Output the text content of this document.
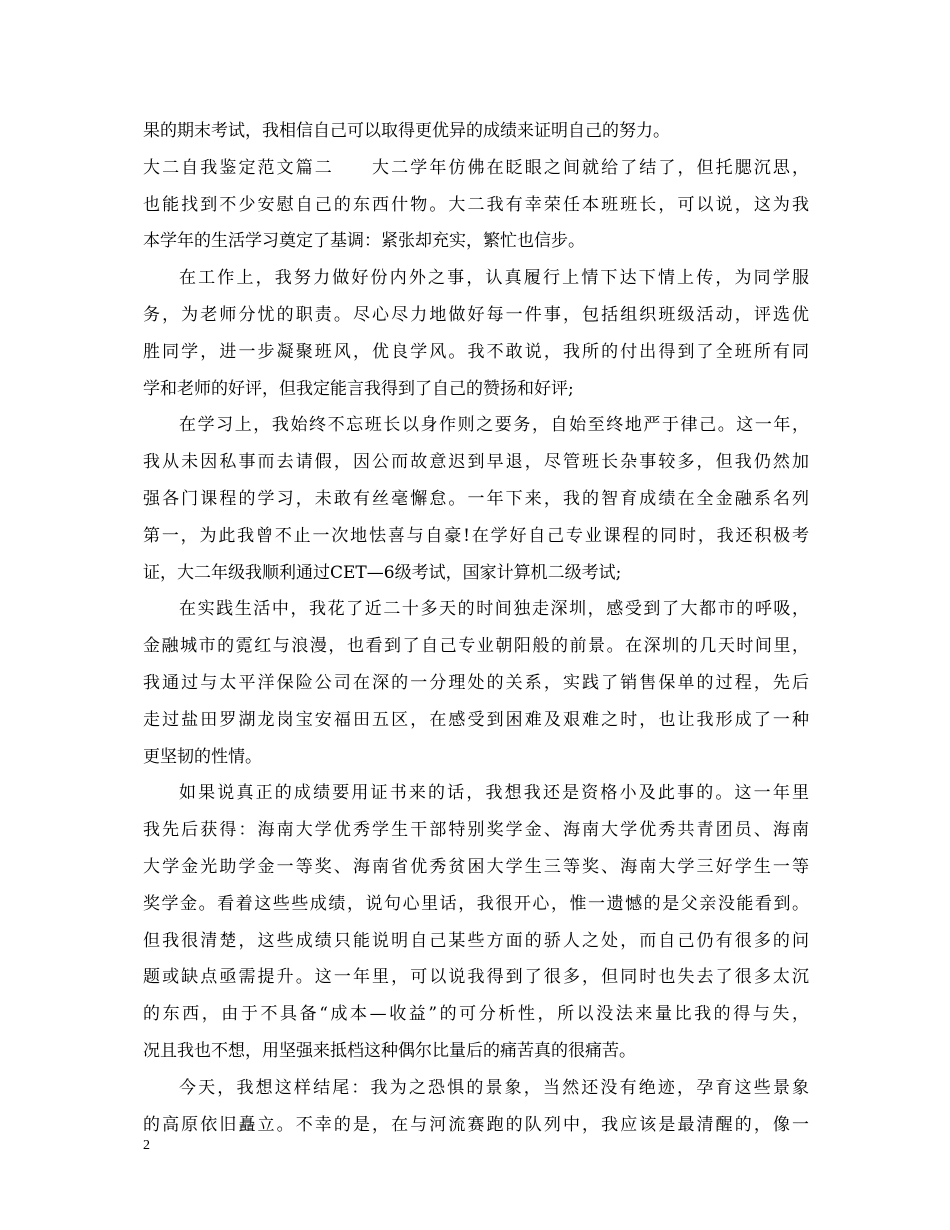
果的期末考试，我相信自己可以取得更优异的成绩来证明自己的努力。
大二自我鉴定范文篇二　　大二学年仿佛在眨眼之间就给了结了，但托腮沉思，
也能找到不少安慰自己的东西什物。大二我有幸荣任本班班长，可以说，这为我
本学年的生活学习奠定了基调：紧张却充实，繁忙也信步。
在工作上，我努力做好份内外之事，认真履行上情下达下情上传，为同学服
务，为老师分忧的职责。尽心尽力地做好每一件事，包括组织班级活动，评选优
胜同学，进一步凝聚班风，优良学风。我不敢说，我所的付出得到了全班所有同
学和老师的好评，但我定能言我得到了自己的赞扬和好评;
在学习上，我始终不忘班长以身作则之要务，自始至终地严于律己。这一年，
我从未因私事而去请假，因公而故意迟到早退，尽管班长杂事较多，但我仍然加
强各门课程的学习，未敢有丝毫懈怠。一年下来，我的智育成绩在全金融系名列
第一，为此我曾不止一次地怯喜与自豪!在学好自己专业课程的同时，我还积极考
证，大二年级我顺利通过CET—6级考试，国家计算机二级考试;
在实践生活中，我花了近二十多天的时间独走深圳，感受到了大都市的呼吸，
金融城市的霓红与浪漫，也看到了自己专业朝阳般的前景。在深圳的几天时间里，
我通过与太平洋保险公司在深的一分理处的关系，实践了销售保单的过程，先后
走过盐田罗湖龙岗宝安福田五区，在感受到困难及艰难之时，也让我形成了一种
更坚韧的性情。
如果说真正的成绩要用证书来的话，我想我还是资格小及此事的。这一年里
我先后获得：海南大学优秀学生干部特别奖学金、海南大学优秀共青团员、海南
大学金光助学金一等奖、海南省优秀贫困大学生三等奖、海南大学三好学生一等
奖学金。看着这些些成绩，说句心里话，我很开心，惟一遗憾的是父亲没能看到。
但我很清楚，这些成绩只能说明自己某些方面的骄人之处，而自己仍有很多的问
题或缺点亟需提升。这一年里，可以说我得到了很多，但同时也失去了很多太沉
的东西，由于不具备“成本—收益”的可分析性，所以没法来量比我的得与失，
况且我也不想，用坚强来抵档这种偶尔比量后的痛苦真的很痛苦。
今天，我想这样结尾：我为之恐惧的景象，当然还没有绝迹，孕育这些景象
的高原依旧矗立。不幸的是，在与河流赛跑的队列中，我应该是最清醒的，像一
2
